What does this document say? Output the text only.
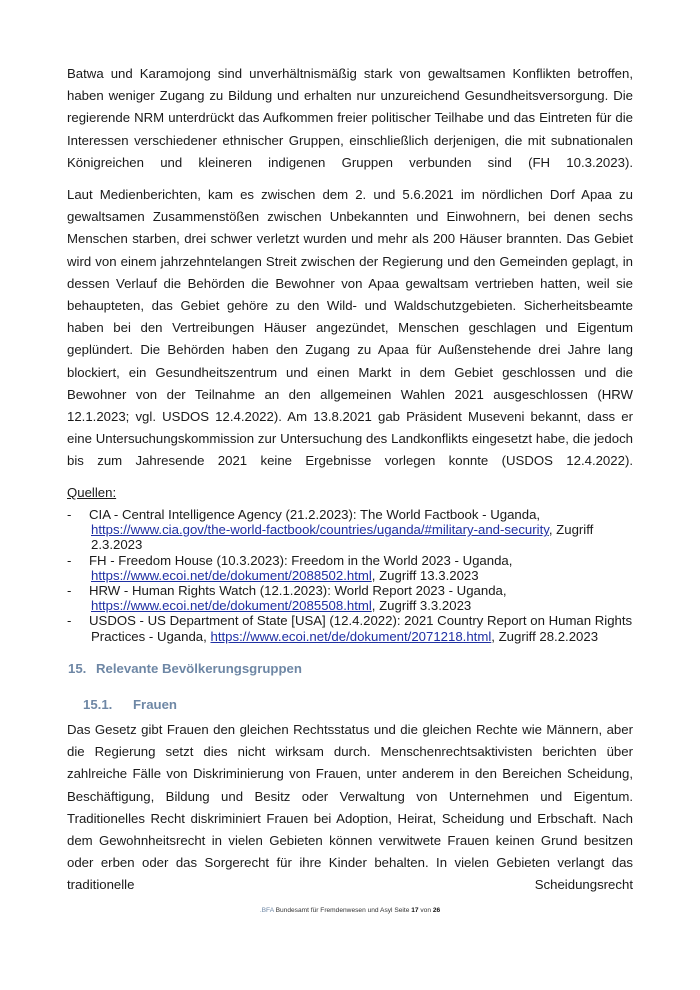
Batwa und Karamojong sind unverhältnismäßig stark von gewaltsamen Konflikten betroffen, haben weniger Zugang zu Bildung und erhalten nur unzureichend Gesundheitsversorgung. Die regierende NRM unterdrückt das Aufkommen freier politischer Teilhabe und das Eintreten für die Interessen verschiedener ethnischer Gruppen, einschließlich derjenigen, die mit subnationalen Königreichen und kleineren indigenen Gruppen verbunden sind (FH 10.3.2023).

Laut Medienberichten, kam es zwischen dem 2. und 5.6.2021 im nördlichen Dorf Apaa zu gewaltsamen Zusammenstößen zwischen Unbekannten und Einwohnern, bei denen sechs Menschen starben, drei schwer verletzt wurden und mehr als 200 Häuser brannten. Das Gebiet wird von einem jahrzehntelangen Streit zwischen der Regierung und den Gemeinden geplagt, in dessen Verlauf die Behörden die Bewohner von Apaa gewaltsam vertrieben hatten, weil sie behaupteten, das Gebiet gehöre zu den Wild- und Waldschutzgebieten. Sicherheitsbeamte haben bei den Vertreibungen Häuser angezündet, Menschen geschlagen und Eigentum geplündert. Die Behörden haben den Zugang zu Apaa für Außenstehende drei Jahre lang blockiert, ein Gesundheitszentrum und einen Markt in dem Gebiet geschlossen und die Bewohner von der Teilnahme an den allgemeinen Wahlen 2021 ausgeschlossen (HRW 12.1.2023; vgl. USDOS 12.4.2022). Am 13.8.2021 gab Präsident Museveni bekannt, dass er eine Untersuchungskommission zur Untersuchung des Landkonflikts eingesetzt habe, die jedoch bis zum Jahresende 2021 keine Ergebnisse vorlegen konnte (USDOS 12.4.2022).

Quellen:

- CIA - Central Intelligence Agency (21.2.2023): The World Factbook - Uganda,
https://www.cia.gov/the-world-factbook/countries/uganda/#military-and-security, Zugriff
2.3.2023
- FH - Freedom House (10.3.2023): Freedom in the World 2023 - Uganda,
https://www.ecoi.net/de/dokument/2088502.html, Zugriff 13.3.2023
- HRW - Human Rights Watch (12.1.2023): World Report 2023 - Uganda,
https://www.ecoi.net/de/dokument/2085508.html, Zugriff 3.3.2023
- USDOS - US Department of State [USA] (12.4.2022): 2021 Country Report on Human Rights
Practices - Uganda, https://www.ecoi.net/de/dokument/2071218.html, Zugriff 28.2.2023
15. Relevante Bevölkerungsgruppen
15.1. Frauen

Das Gesetz gibt Frauen den gleichen Rechtsstatus und die gleichen Rechte wie Männern, aber die Regierung setzt dies nicht wirksam durch. Menschenrechtsaktivisten berichten über zahlreiche Fälle von Diskriminierung von Frauen, unter anderem in den Bereichen Scheidung, Beschäftigung, Bildung und Besitz oder Verwaltung von Unternehmen und Eigentum. Traditionelles Recht diskriminiert Frauen bei Adoption, Heirat, Scheidung und Erbschaft. Nach dem Gewohnheitsrecht in vielen Gebieten können verwitwete Frauen keinen Grund besitzen oder erben oder das Sorgerecht für ihre Kinder behalten. In vielen Gebieten verlangt das traditionelle Scheidungsrecht

.BFA Bundesamt für Fremdenwesen und Asyl Seite 17 von 26
